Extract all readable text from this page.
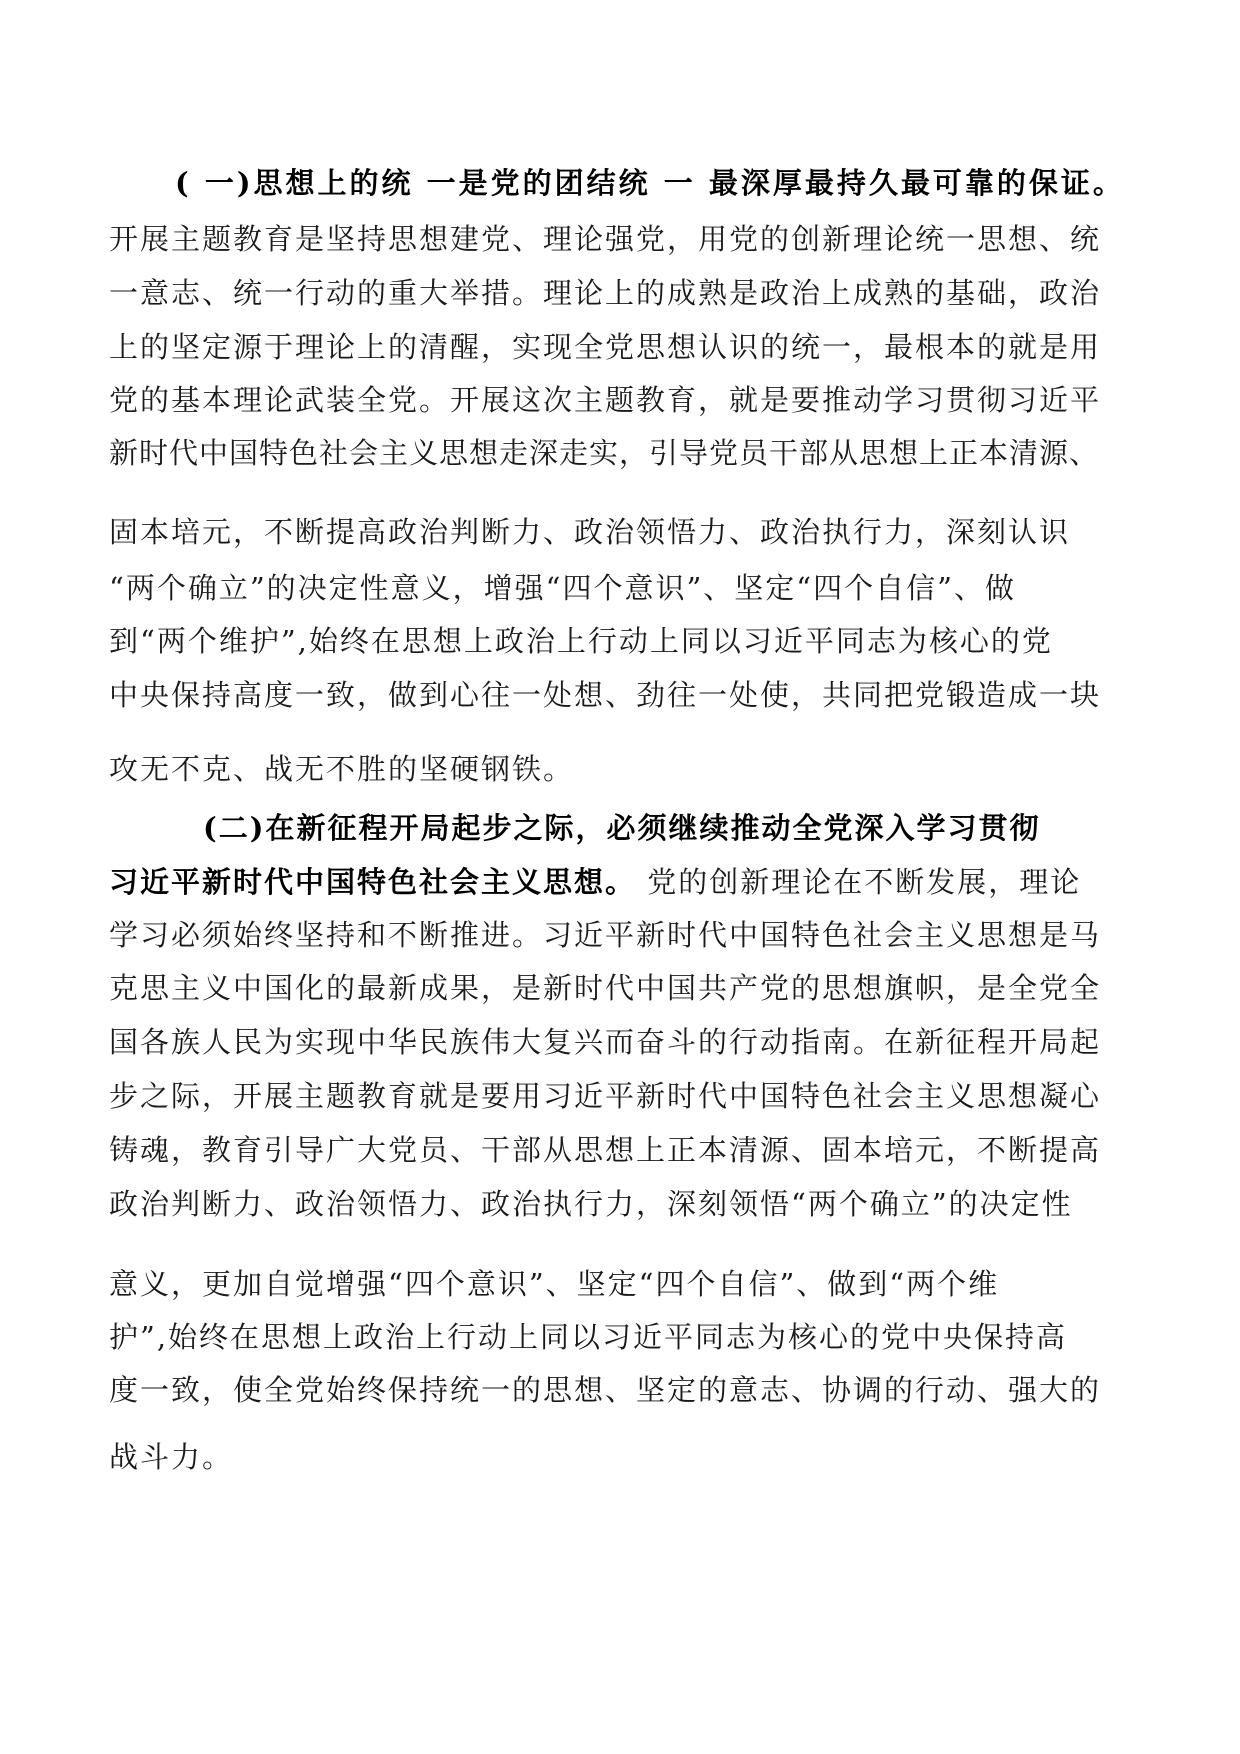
( 一)思想上的统 一是党的团结统 一 最深厚最持久最可靠的保证。

开展主题教育是坚持思想建党、理论强党，用党的创新理论统一思想、统

一意志、统一行动的重大举措。理论上的成熟是政治上成熟的基础，政治

上的坚定源于理论上的清醒，实现全党思想认识的统一，最根本的就是用

党的基本理论武装全党。开展这次主题教育，就是要推动学习贯彻习近平

新时代中国特色社会主义思想走深走实，引导党员干部从思想上正本清源、

固本培元，不断提高政治判断力、政治领悟力、政治执行力，深刻认识

“两个确立”的决定性意义，增强“四个意识”、坚定“四个自信”、做

到“两个维护”,始终在思想上政治上行动上同以习近平同志为核心的党

中央保持高度一致，做到心往一处想、劲往一处使，共同把党锻造成一块

攻无不克、战无不胜的坚硬钢铁。

(二)在新征程开局起步之际，必须继续推动全党深入学习贯彻

习近平新时代中国特色社会主义思想。 党的创新理论在不断发展，理论

学习必须始终坚持和不断推进。习近平新时代中国特色社会主义思想是马

克思主义中国化的最新成果，是新时代中国共产党的思想旗帜，是全党全

国各族人民为实现中华民族伟大复兴而奋斗的行动指南。在新征程开局起

步之际，开展主题教育就是要用习近平新时代中国特色社会主义思想凝心

铸魂，教育引导广大党员、干部从思想上正本清源、固本培元，不断提高

政治判断力、政治领悟力、政治执行力，深刻领悟“两个确立”的决定性

意义，更加自觉增强“四个意识”、坚定“四个自信”、做到“两个维

护”,始终在思想上政治上行动上同以习近平同志为核心的党中央保持高

度一致，使全党始终保持统一的思想、坚定的意志、协调的行动、强大的

战斗力。
